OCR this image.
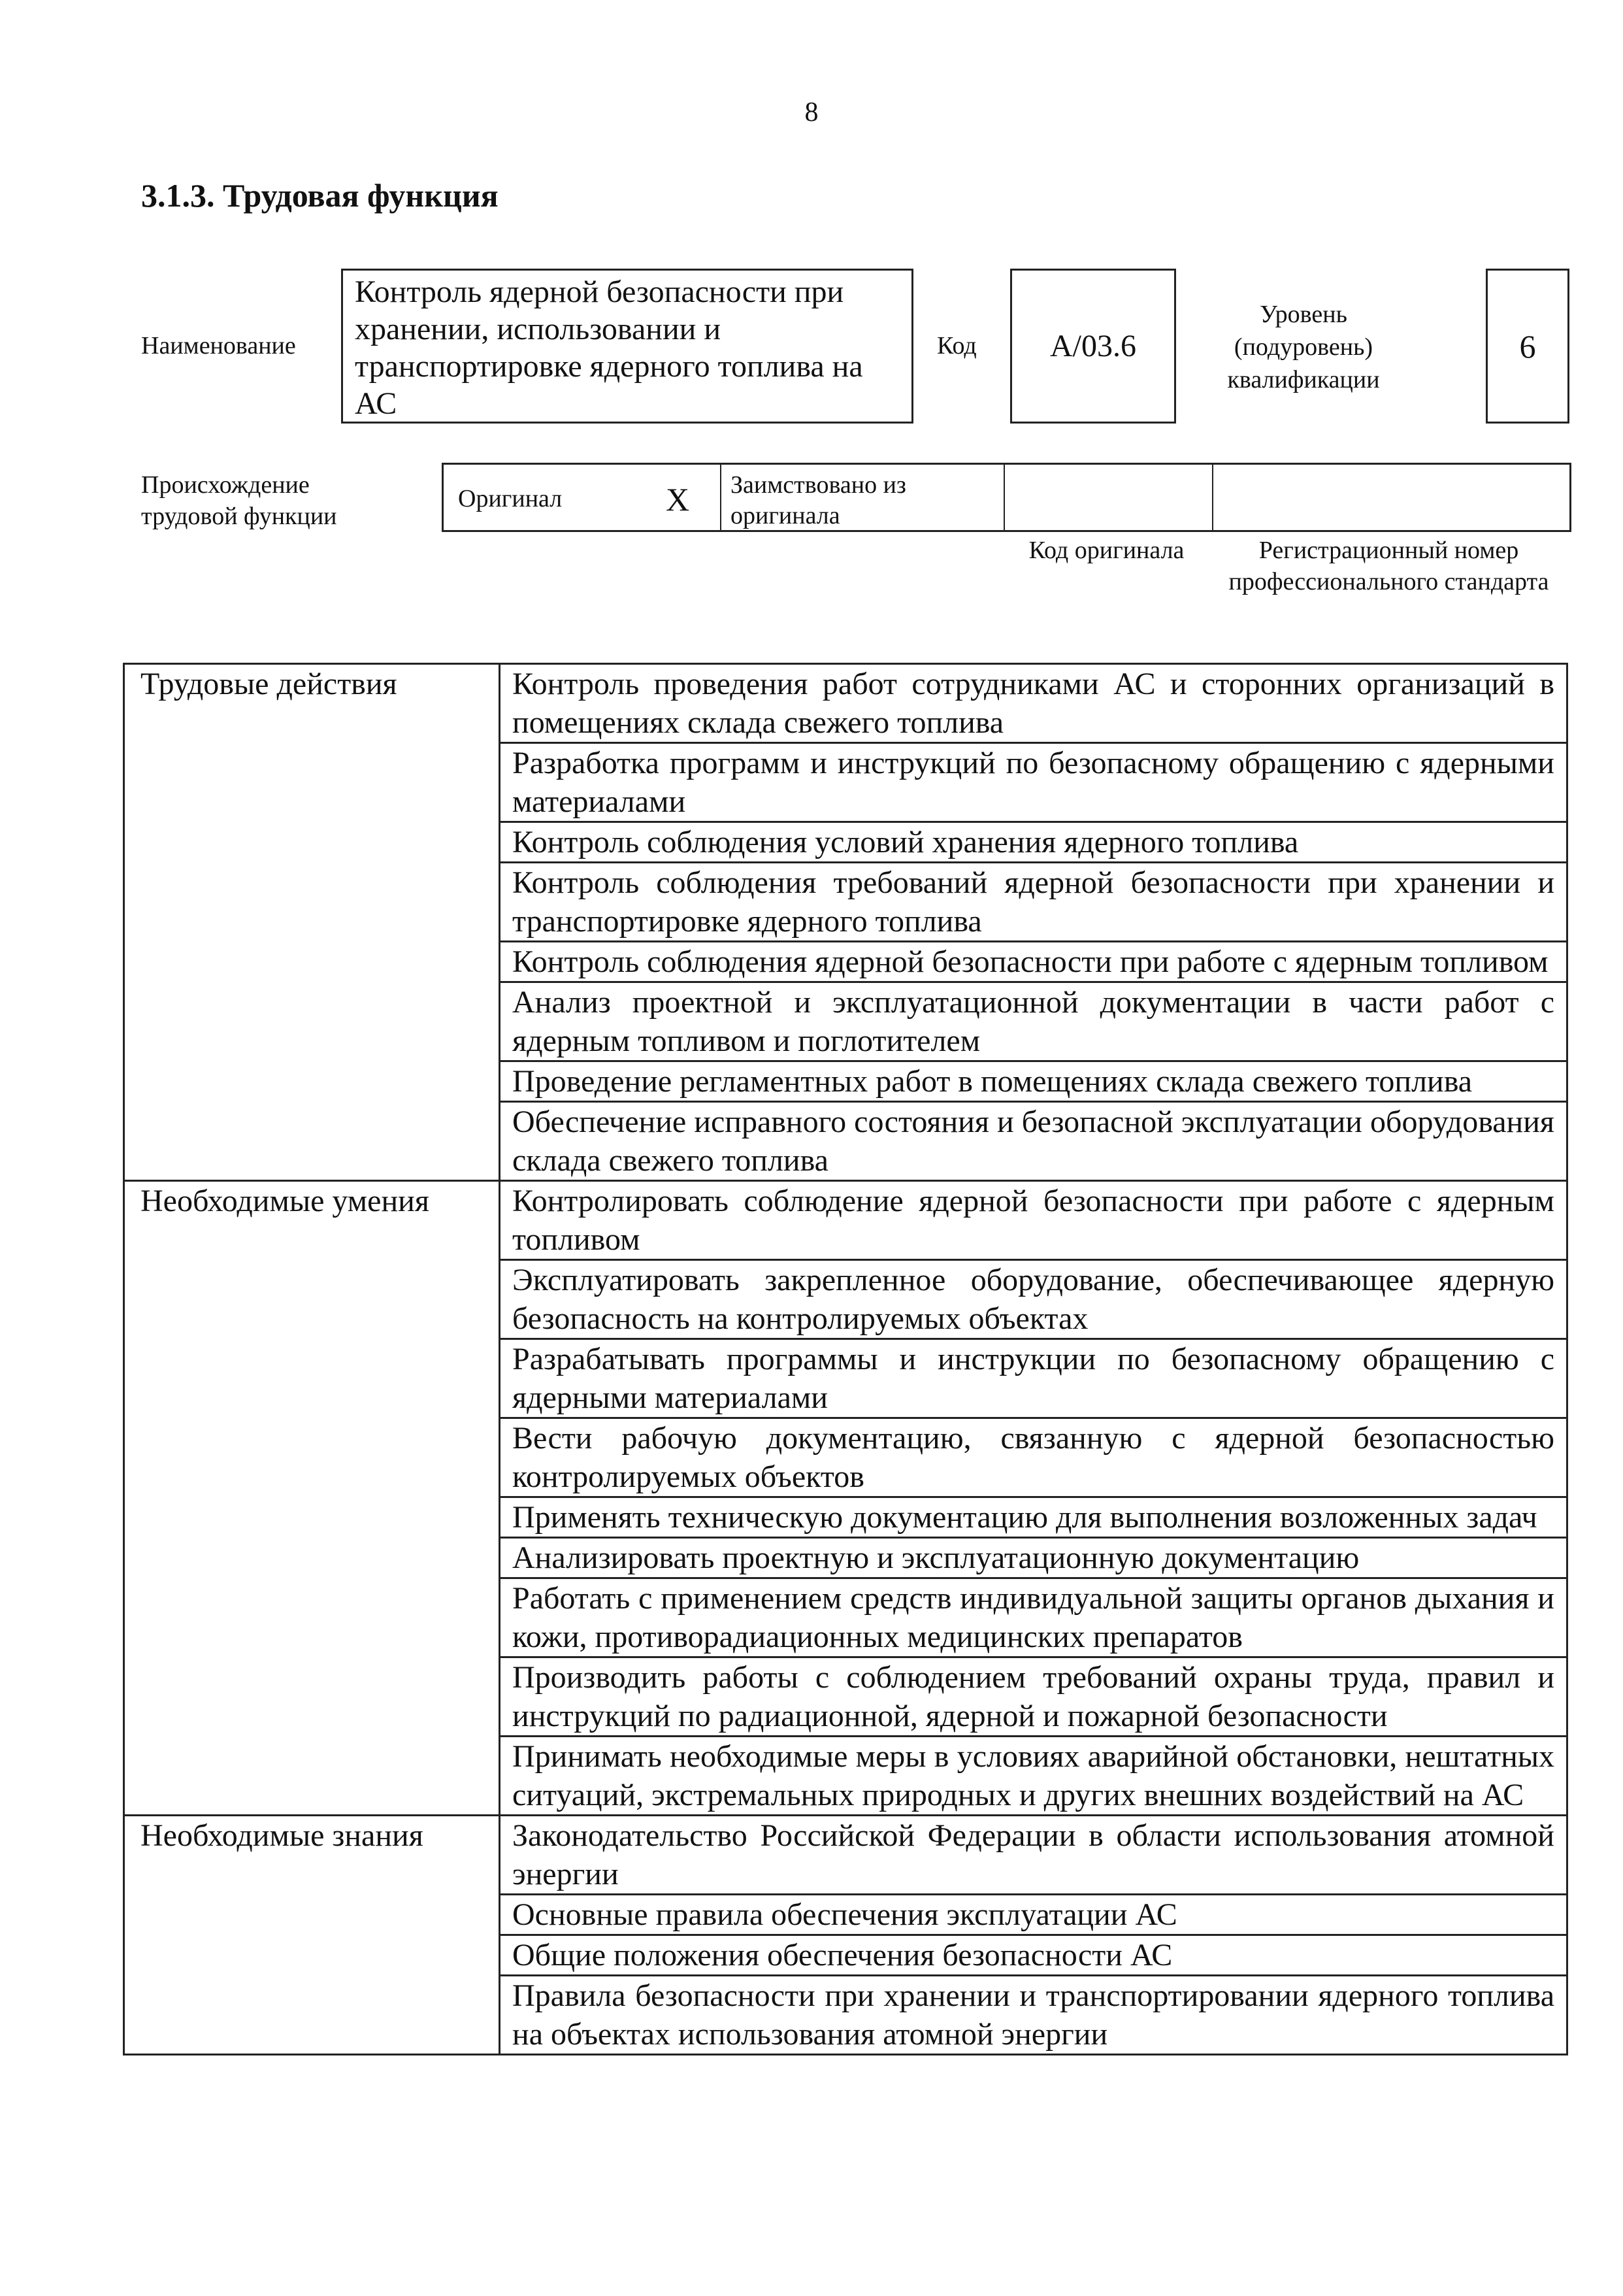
8
3.1.3. Трудовая функция
Наименование
Контроль ядерной безопасности при хранении, использовании и транспортировке ядерного топлива на АС
Код	А/03.6
Уровень (подуровень) квалификации
6
Происхождение трудовой функции
Оригинал	X	Заимствовано из оригинала
Код оригинала	Регистрационный номер профессионального стандарта
Трудовые действия	Контроль проведения работ сотрудниками АС и сторонних организаций в помещениях склада свежего топлива
	Разработка программ и инструкций по безопасному обращению с ядерными материалами
	Контроль соблюдения условий хранения ядерного топлива
	Контроль соблюдения требований ядерной безопасности при хранении и транспортировке ядерного топлива
	Контроль соблюдения ядерной безопасности при работе с ядерным топливом
	Анализ проектной и эксплуатационной документации в части работ с ядерным топливом и поглотителем
	Проведение регламентных работ в помещениях склада свежего топлива
	Обеспечение исправного состояния и безопасной эксплуатации оборудования склада свежего топлива
Необходимые умения	Контролировать соблюдение ядерной безопасности при работе с ядерным топливом
	Эксплуатировать закрепленное оборудование, обеспечивающее ядерную безопасность на контролируемых объектах
	Разрабатывать программы и инструкции по безопасному обращению с ядерными материалами
	Вести рабочую документацию, связанную с ядерной безопасностью контролируемых объектов
	Применять техническую документацию для выполнения возложенных задач
	Анализировать проектную и эксплуатационную документацию
	Работать с применением средств индивидуальной защиты органов дыхания и кожи, противорадиационных медицинских препаратов
	Производить работы с соблюдением требований охраны труда, правил и инструкций по радиационной, ядерной и пожарной безопасности
	Принимать необходимые меры в условиях аварийной обстановки, нештатных ситуаций, экстремальных природных и других внешних воздействий на АС
Необходимые знания	Законодательство Российской Федерации в области использования атомной энергии
	Основные правила обеспечения эксплуатации АС
	Общие положения обеспечения безопасности АС
	Правила безопасности при хранении и транспортировании ядерного топлива на объектах использования атомной энергии
